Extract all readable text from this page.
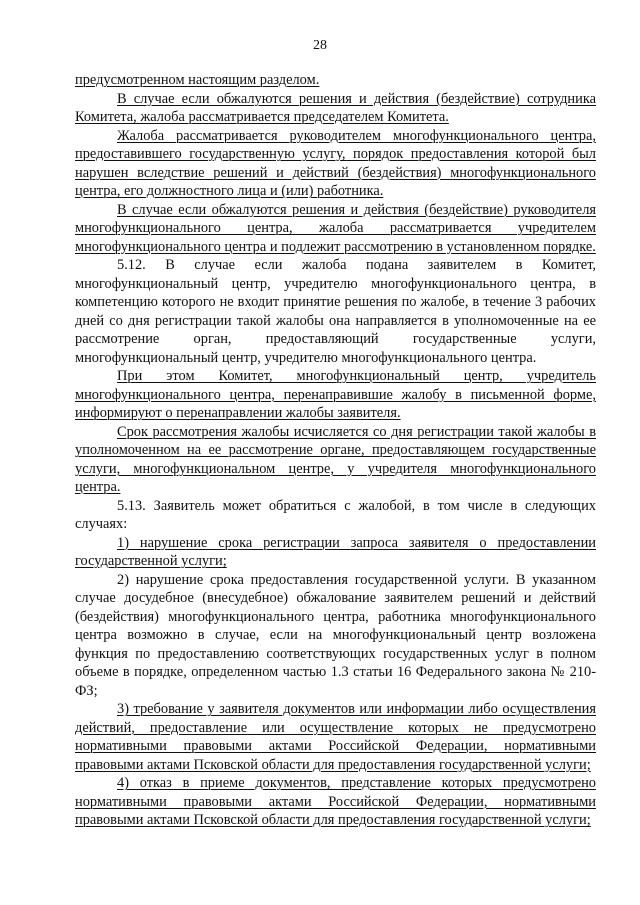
28

предусмотренном настоящим разделом.

В случае если обжалуются решения и действия (бездействие) сотрудника Комитета, жалоба рассматривается председателем Комитета.

Жалоба рассматривается руководителем многофункционального центра, предоставившего государственную услугу, порядок предоставления которой был нарушен вследствие решений и действий (бездействия) многофункционального центра, его должностного лица и (или) работника.

В случае если обжалуются решения и действия (бездействие) руководителя многофункционального центра, жалоба рассматривается учредителем многофункционального центра и подлежит рассмотрению в установленном порядке.

5.12. В случае если жалоба подана заявителем в Комитет, многофункциональный центр, учредителю многофункционального центра, в компетенцию которого не входит принятие решения по жалобе, в течение 3 рабочих дней со дня регистрации такой жалобы она направляется в уполномоченные на ее рассмотрение орган, предоставляющий государственные услуги, многофункциональный центр, учредителю многофункционального центра.

При этом Комитет, многофункциональный центр, учредитель многофункционального центра, перенаправившие жалобу в письменной форме, информируют о перенаправлении жалобы заявителя.

Срок рассмотрения жалобы исчисляется со дня регистрации такой жалобы в уполномоченном на ее рассмотрение органе, предоставляющем государственные услуги, многофункциональном центре, у учредителя многофункционального центра.

5.13. Заявитель может обратиться с жалобой, в том числе в следующих случаях:

1) нарушение срока регистрации запроса заявителя о предоставлении государственной услуги;

2) нарушение срока предоставления государственной услуги. В указанном случае досудебное (внесудебное) обжалование заявителем решений и действий (бездействия) многофункционального центра, работника многофункционального центра возможно в случае, если на многофункциональный центр возложена функция по предоставлению соответствующих государственных услуг в полном объеме в порядке, определенном частью 1.3 статьи 16 Федерального закона № 210-ФЗ;

3) требование у заявителя документов или информации либо осуществления действий, предоставление или осуществление которых не предусмотрено нормативными правовыми актами Российской Федерации, нормативными правовыми актами Псковской области для предоставления государственной услуги;

4) отказ в приеме документов, представление которых предусмотрено нормативными правовыми актами Российской Федерации, нормативными правовыми актами Псковской области для предоставления государственной услуги;
